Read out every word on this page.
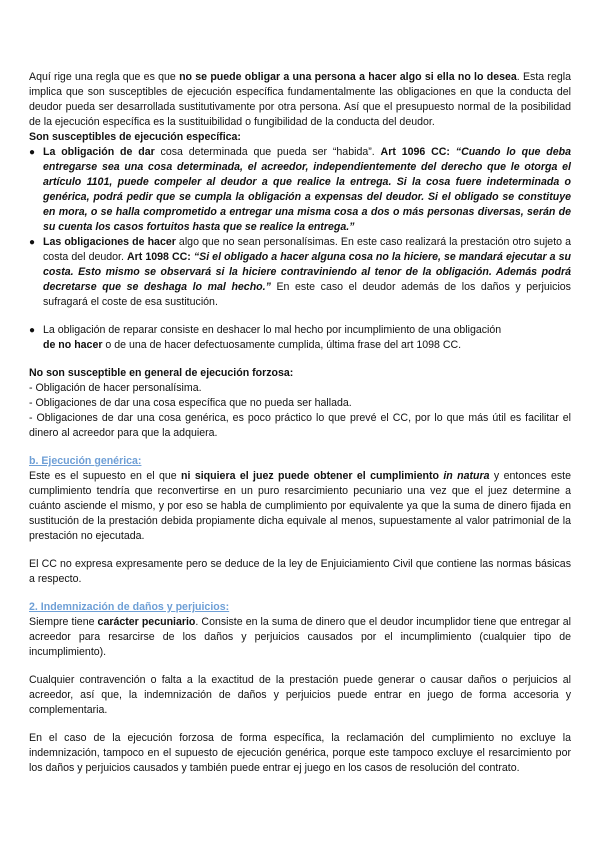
Aquí rige una regla que es que no se puede obligar a una persona a hacer algo si ella no lo desea. Esta regla implica que son susceptibles de ejecución específica fundamentalmente las obligaciones en que la conducta del deudor pueda ser desarrollada sustitutivamente por otra persona. Así que el presupuesto normal de la posibilidad de la ejecución específica es la sustituibilidad o fungibilidad de la conducta del deudor.

Son susceptibles de ejecución específica:

● La obligación de dar cosa determinada que pueda ser “habida”. Art 1096 CC: “Cuando lo que deba entregarse sea una cosa determinada, el acreedor, independientemente del derecho que le otorga el artículo 1101, puede compeler al deudor a que realice la entrega. Si la cosa fuere indeterminada o genérica, podrá pedir que se cumpla la obligación a expensas del deudor. Si el obligado se constituye en mora, o se halla comprometido a entregar una misma cosa a dos o más personas diversas, serán de su cuenta los casos fortuitos hasta que se realice la entrega.”

● Las obligaciones de hacer algo que no sean personalísimas. En este caso realizará la prestación otro sujeto a costa del deudor. Art 1098 CC: “Si el obligado a hacer alguna cosa no la hiciere, se mandará ejecutar a su costa. Esto mismo se observará si la hiciere contraviniendo al tenor de la obligación. Además podrá decretarse que se deshaga lo mal hecho.” En este caso el deudor además de los daños y perjuicios sufragará el coste de esa sustitución.

● La obligación de reparar consiste en deshacer lo mal hecho por incumplimiento de una obligación
de no hacer o de una de hacer defectuosamente cumplida, última frase del art 1098 CC.

No son susceptible en general de ejecución forzosa:

- Obligación de hacer personalísima.

- Obligaciones de dar una cosa específica que no pueda ser hallada.

- Obligaciones de dar una cosa genérica, es poco práctico lo que prevé el CC, por lo que más útil es facilitar el dinero al acreedor para que la adquiera.

b. Ejecución genérica:

Este es el supuesto en el que ni siquiera el juez puede obtener el cumplimiento in natura y entonces este cumplimiento tendría que reconvertirse en un puro resarcimiento pecuniario una vez que el juez determine a cuánto asciende el mismo, y por eso se habla de cumplimiento por equivalente ya que la suma de dinero fijada en sustitución de la prestación debida propiamente dicha equivale al menos, supuestamente al valor patrimonial de la prestación no ejecutada.

El CC no expresa expresamente pero se deduce de la ley de Enjuiciamiento Civil que contiene las normas básicas a respecto.

2. Indemnización de daños y perjuicios:

Siempre tiene carácter pecuniario. Consiste en la suma de dinero que el deudor incumplidor tiene que entregar al acreedor para resarcirse de los daños y perjuicios causados por el incumplimiento (cualquier tipo de incumplimiento).

Cualquier contravención o falta a la exactitud de la prestación puede generar o causar daños o perjuicios al acreedor, así que, la indemnización de daños y perjuicios puede entrar en juego de forma accesoria y complementaria.

En el caso de la ejecución forzosa de forma específica, la reclamación del cumplimiento no excluye la indemnización, tampoco en el supuesto de ejecución genérica, porque este tampoco excluye el resarcimiento por los daños y perjuicios causados y también puede entrar ej juego en los casos de resolución del contrato.
